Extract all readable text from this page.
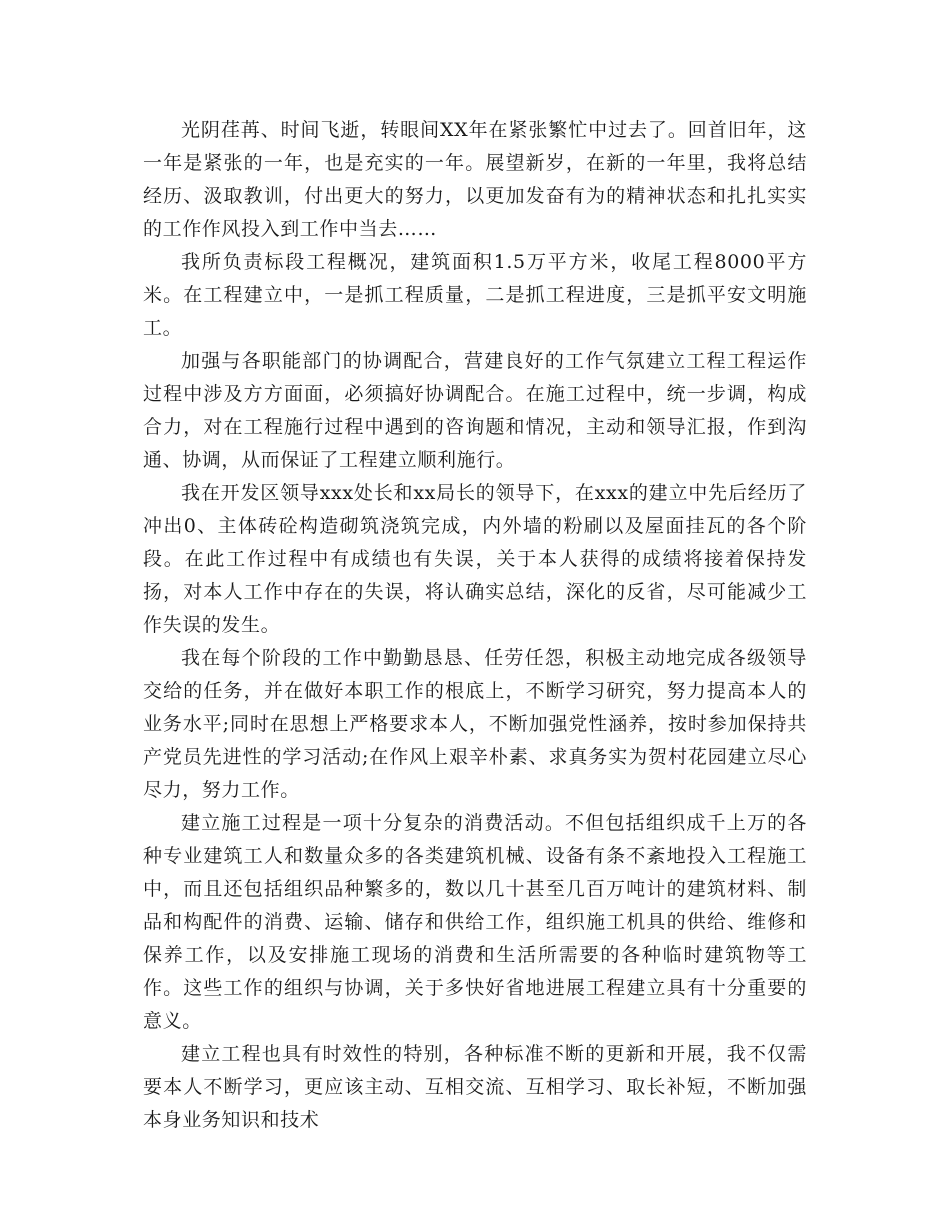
光阴荏苒、时间飞逝，转眼间XX年在紧张繁忙中过去了。回首旧年，这一年是紧张的一年，也是充实的一年。展望新岁，在新的一年里，我将总结经历、汲取教训，付出更大的努力，以更加发奋有为的精神状态和扎扎实实的工作作风投入到工作中当去……

我所负责标段工程概况，建筑面积1.5万平方米，收尾工程8000平方米。在工程建立中，一是抓工程质量，二是抓工程进度，三是抓平安文明施工。

加强与各职能部门的协调配合，营建良好的工作气氛建立工程工程运作过程中涉及方方面面，必须搞好协调配合。在施工过程中，统一步调，构成合力，对在工程施行过程中遇到的咨询题和情况，主动和领导汇报，作到沟通、协调，从而保证了工程建立顺利施行。

我在开发区领导xxx处长和xx局长的领导下，在xxx的建立中先后经历了冲出0、主体砖砼构造砌筑浇筑完成，内外墙的粉刷以及屋面挂瓦的各个阶段。在此工作过程中有成绩也有失误，关于本人获得的成绩将接着保持发扬，对本人工作中存在的失误，将认确实总结，深化的反省，尽可能减少工作失误的发生。

我在每个阶段的工作中勤勤恳恳、任劳任怨，积极主动地完成各级领导交给的任务，并在做好本职工作的根底上，不断学习研究，努力提高本人的业务水平;同时在思想上严格要求本人，不断加强党性涵养，按时参加保持共产党员先进性的学习活动;在作风上艰辛朴素、求真务实为贺村花园建立尽心尽力，努力工作。

建立施工过程是一项十分复杂的消费活动。不但包括组织成千上万的各种专业建筑工人和数量众多的各类建筑机械、设备有条不紊地投入工程施工中，而且还包括组织品种繁多的，数以几十甚至几百万吨计的建筑材料、制品和构配件的消费、运输、储存和供给工作，组织施工机具的供给、维修和保养工作，以及安排施工现场的消费和生活所需要的各种临时建筑物等工作。这些工作的组织与协调，关于多快好省地进展工程建立具有十分重要的意义。

建立工程也具有时效性的特别，各种标准不断的更新和开展，我不仅需要本人不断学习，更应该主动、互相交流、互相学习、取长补短，不断加强本身业务知识和技术
